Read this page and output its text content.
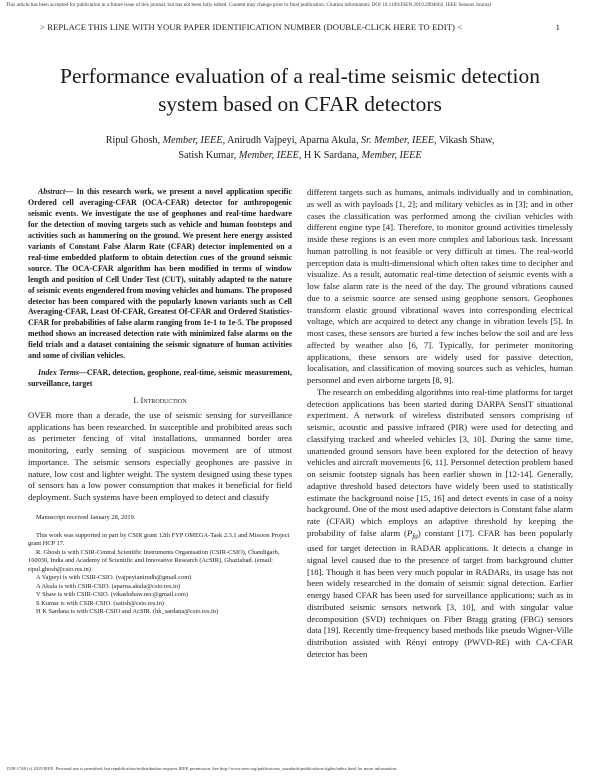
This article has been accepted for publication in a future issue of this journal, but has not been fully edited. Content may change prior to final publication. Citation information: DOI 10.1109/JSEN.2019.2904662, IEEE Sensors Journal
> REPLACE THIS LINE WITH YOUR PAPER IDENTIFICATION NUMBER (DOUBLE-CLICK HERE TO EDIT) <	1
Performance evaluation of a real-time seismic detection system based on CFAR detectors
Ripul Ghosh, Member, IEEE, Anirudh Vajpeyi, Aparna Akula, Sr. Member, IEEE, Vikash Shaw,
Satish Kumar, Member, IEEE, H K Sardana, Member, IEEE

Abstract— In this research work, we present a novel application specific Ordered cell averaging-CFAR (OCA-CFAR) detector for anthropogenic seismic events. We investigate the use of geophones and real-time hardware for the detection of moving targets such as vehicle and human footsteps and activities such as hammering on the ground. We present here energy assisted variants of Constant False Alarm Rate (CFAR) detector implemented on a real-time embedded platform to obtain detection cues of the ground seismic source. The OCA-CFAR algorithm has been modified in terms of window length and position of Cell Under Test (CUT), suitably adapted to the nature of seismic events engendered from moving vehicles and humans. The proposed detector has been compared with the popularly known variants such as Cell Averaging-CFAR, Least Of-CFAR, Greatest Of-CFAR and Ordered Statistics-CFAR for probabilities of false alarm ranging from 1e-1 to 1e-5. The proposed method shows an increased detection rate with minimized false alarms on the field trials and a dataset containing the seismic signature of human activities and some of civilian vehicles.

Index Terms—CFAR, detection, geophone, real-time, seismic measurement, surveillance, target

I. Introduction

OVER more than a decade, the use of seismic sensing for surveillance applications has been researched. In susceptible and prohibited areas such as perimeter fencing of vital installations, unmanned border area monitoring, early sensing of suspicious movement are of utmost importance. The seismic sensors especially geophones are passive in nature, low cost and lighter weight. The system designed using these types of sensors has a low power consumption that makes it beneficial for field deployment. Such systems have been employed to detect and classify

Manuscript received January 28, 2019.

This work was supported in part by CSIR grant 12th FYP OMEGA-Task 2.3.1 and Mission Project grant HCP 17.

R. Ghosh is with CSIR-Central Scientific Instruments Organisation (CSIR-CSIO), Chandigarh, 160030, India and Academy of Scientific and Innovative Research (AcSIR), Ghaziabad. (email: ripul.ghosh@csio.res.in)

A Vajpeyi is with CSIR-CSIO. (vajpeyianirudh@gmail.com)

A Akula is with CSIR-CSIO. (aparna.akula@csio.res.in)

V Shaw is with CSIR-CSIO. (vikashshaw.nec@gmail.com)

S Kumar is with CSIR-CSIO. (satish@csio.res.in)

H K Sardana is with CSIR-CSIO and AcSIR. (hk_sardana@csio.res.in)

different targets such as humans, animals individually and in combination, as well as with payloads [1, 2]; and military vehicles as in [3]; and in other cases the classification was performed among the civilian vehicles with different engine type [4]. Therefore, to monitor ground activities timelessly inside these regions is an even more complex and laborious task. Incessant human patrolling is not feasible or very difficult at times. The real-world perception data is multi-dimensional which often takes time to decipher and visualize. As a result, automatic real-time detection of seismic events with a low false alarm rate is the need of the day. The ground vibrations caused due to a seismic source are sensed using geophone sensors. Geophones transform elastic ground vibrational waves into corresponding electrical voltage, which are acquired to detect any change in vibration levels [5]. In most cases, these sensors are buried a few inches below the soil and are less affected by weather also [6, 7]. Typically, for perimeter monitoring applications, these sensors are widely used for passive detection, localisation, and classification of moving sources such as vehicles, human personnel and even airborne targets [8, 9].

The research on embedding algorithms into real-time platforms for target detection applications has been started during DARPA SensIT situational experiment. A network of wireless distributed sensors comprising of seismic, acoustic and passive infrared (PIR) were used for detecting and classifying tracked and wheeled vehicles [3, 10]. During the same time, unattended ground sensors have been explored for the detection of heavy vehicles and aircraft movements [6, 11]. Personnel detection problem based on seismic footstep signals has been earlier shown in [12-14]. Generally, adaptive threshold based detectors have widely been used to statistically estimate the background noise [15, 16] and detect events in case of a noisy background. One of the most used adaptive detectors is Constant false alarm rate (CFAR) which employs an adaptive threshold by keeping the probability of false alarm $(P_{fa})$ constant [17]. CFAR has been popularly used for target detection in RADAR applications. It detects a change in signal level caused due to the presence of target from background clutter [18]. Though it has been very much popular in RADARs, its usage has not been widely researched in the domain of seismic signal detection. Earlier energy based CFAR has been used for surveillance applications; such as in distributed seismic sensors network [3, 10], and with singular value decomposition (SVD) techniques on Fiber Bragg grating (FBG) sensors data [19]. Recently time-frequency based methods like pseudo Wigner-Ville distribution assisted with Rényi entropy (PWVD-RE) with CA-CFAR detector has been

1558-1748 (c) 2019 IEEE. Personal use is permitted, but republication/redistribution requires IEEE permission. See http://www.ieee.org/publications_standards/publications/rights/index.html for more information.
